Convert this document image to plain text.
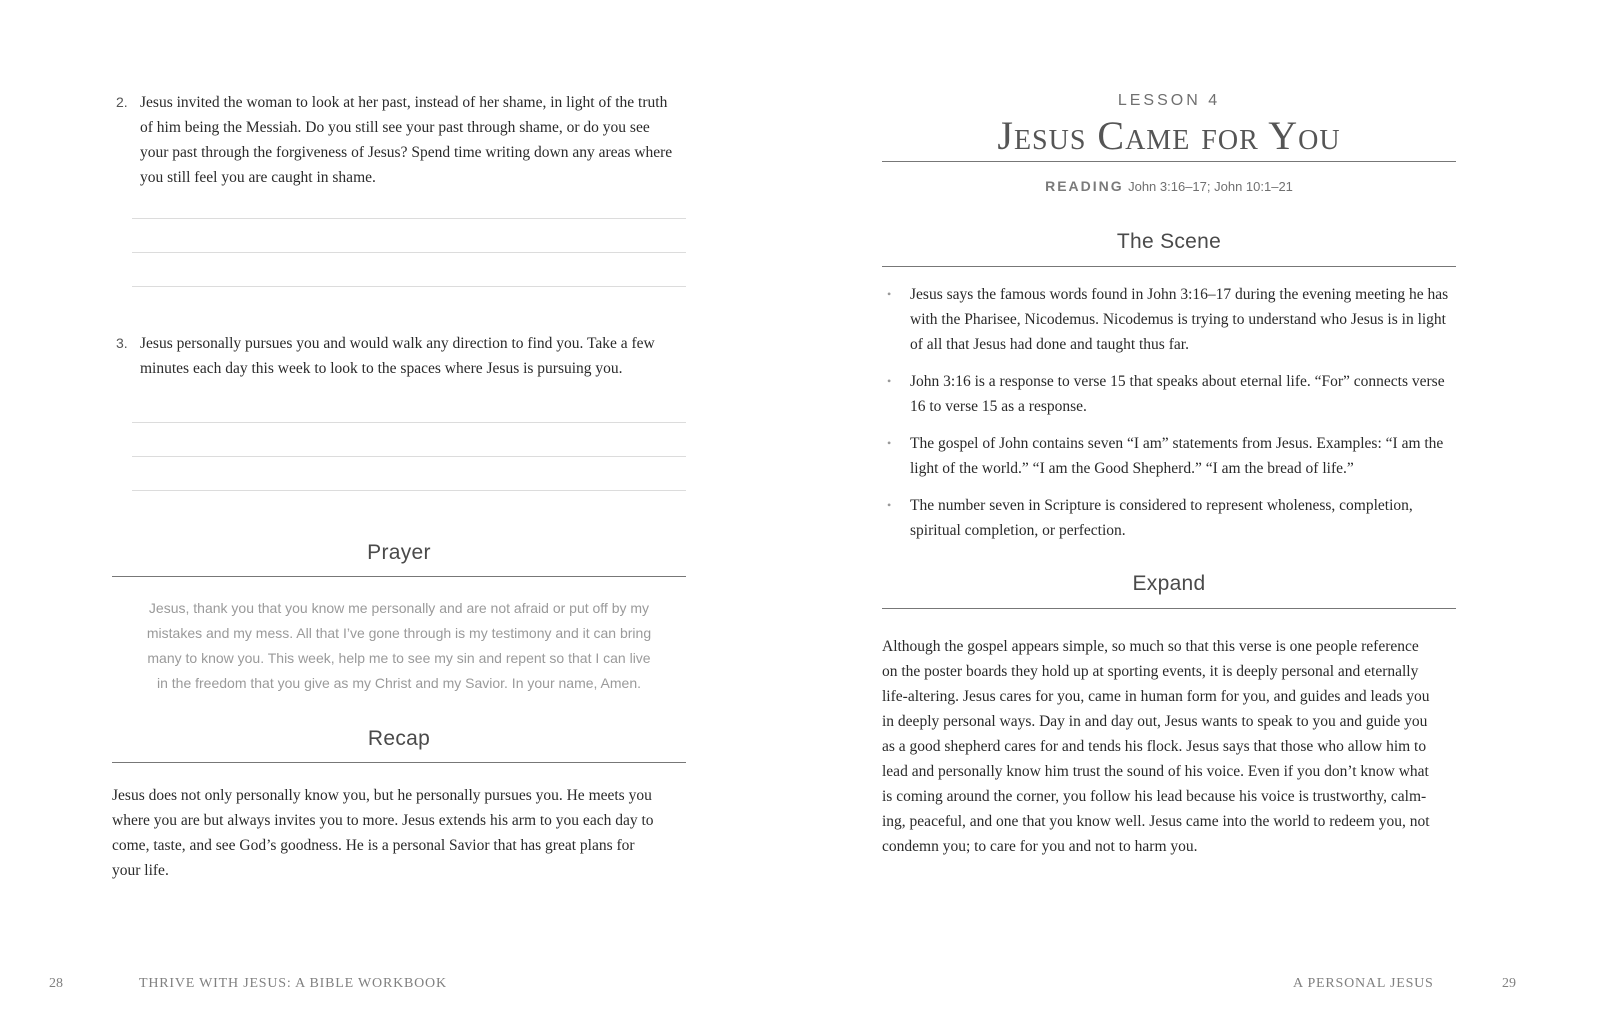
2. Jesus invited the woman to look at her past, instead of her shame, in light of the truth
of him being the Messiah. Do you still see your past through shame, or do you see
your past through the forgiveness of Jesus? Spend time writing down any areas where
you still feel you are caught in shame.
3. Jesus personally pursues you and would walk any direction to find you. Take a few
minutes each day this week to look to the spaces where Jesus is pursuing you.
Prayer
Jesus, thank you that you know me personally and are not afraid or put off by my
mistakes and my mess. All that I’ve gone through is my testimony and it can bring
many to know you. This week, help me to see my sin and repent so that I can live
in the freedom that you give as my Christ and my Savior. In your name, Amen.
Recap
Jesus does not only personally know you, but he personally pursues you. He meets you
where you are but always invites you to more. Jesus extends his arm to you each day to
come, taste, and see God’s goodness. He is a personal Savior that has great plans for
your life.
28	THRIVE WITH JESUS: A BIBLE WORKBOOK
LESSON 4
Jesus Came for You
READING John 3:16–17; John 10:1–21
The Scene
• Jesus says the famous words found in John 3:16–17 during the evening meeting he has
with the Pharisee, Nicodemus. Nicodemus is trying to understand who Jesus is in light
of all that Jesus had done and taught thus far.
• John 3:16 is a response to verse 15 that speaks about eternal life. “For” connects verse
16 to verse 15 as a response.
• The gospel of John contains seven “I am” statements from Jesus. Examples: “I am the
light of the world.” “I am the Good Shepherd.” “I am the bread of life.”
• The number seven in Scripture is considered to represent wholeness, completion,
spiritual completion, or perfection.
Expand
Although the gospel appears simple, so much so that this verse is one people reference
on the poster boards they hold up at sporting events, it is deeply personal and eternally
life-altering. Jesus cares for you, came in human form for you, and guides and leads you
in deeply personal ways. Day in and day out, Jesus wants to speak to you and guide you
as a good shepherd cares for and tends his flock. Jesus says that those who allow him to
lead and personally know him trust the sound of his voice. Even if you don’t know what
is coming around the corner, you follow his lead because his voice is trustworthy, calm-
ing, peaceful, and one that you know well. Jesus came into the world to redeem you, not
condemn you; to care for you and not to harm you.
A PERSONAL JESUS	29
